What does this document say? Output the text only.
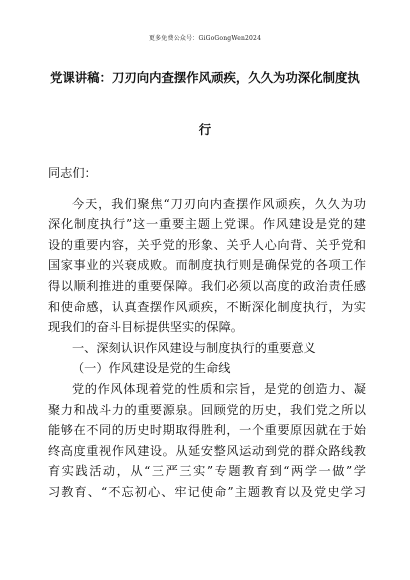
更多免费公众号：GiGoGongWen2024
党课讲稿：刀刃向内查摆作风顽疾，久久为功深化制度执
行
同志们：
今天，我们聚焦“刀刃向内查摆作风顽疾，久久为功
深化制度执行”这一重要主题上党课。作风建设是党的建
设的重要内容，关乎党的形象、关乎人心向背、关乎党和
国家事业的兴衰成败。而制度执行则是确保党的各项工作
得以顺利推进的重要保障。我们必须以高度的政治责任感
和使命感，认真查摆作风顽疾，不断深化制度执行，为实
现我们的奋斗目标提供坚实的保障。
一、深刻认识作风建设与制度执行的重要意义
（一）作风建设是党的生命线
党的作风体现着党的性质和宗旨，是党的创造力、凝
聚力和战斗力的重要源泉。回顾党的历史，我们党之所以
能够在不同的历史时期取得胜利，一个重要原因就在于始
终高度重视作风建设。从延安整风运动到党的群众路线教
育实践活动，从“三严三实”专题教育到“两学一做”学
习教育、“不忘初心、牢记使命”主题教育以及党史学习
